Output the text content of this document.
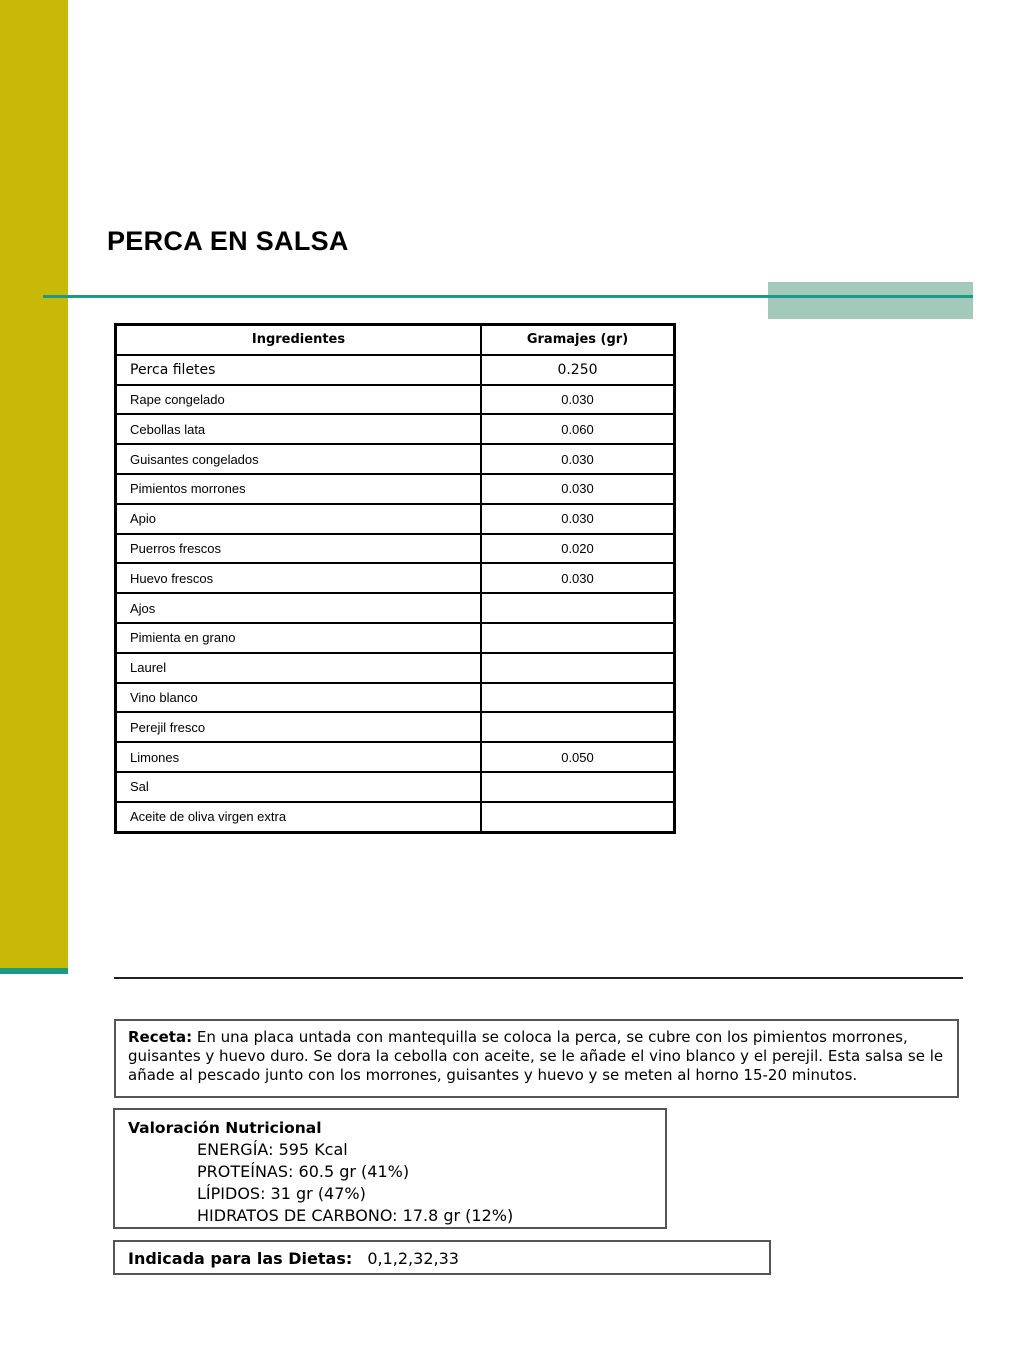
PERCA EN SALSA
Ingredientes	Gramajes (gr)
Perca filetes	0.250
Rape congelado	0.030
Cebollas lata	0.060
Guisantes congelados	0.030
Pimientos morrones	0.030
Apio	0.030
Puerros frescos	0.020
Huevo frescos	0.030
Ajos	
Pimienta en grano	
Laurel	
Vino blanco	
Perejil fresco	
Limones	0.050
Sal	
Aceite de oliva virgen extra	
Receta: En una placa untada con mantequilla se coloca la perca, se cubre con los pimientos morrones, guisantes y huevo duro. Se dora la cebolla con aceite, se le añade el vino blanco y el perejil. Esta salsa se le añade al pescado junto con los morrones, guisantes y huevo y se meten al horno 15-20 minutos.
Valoración Nutricional
ENERGÍA: 595 Kcal
PROTEÍNAS: 60.5 gr (41%)
LÍPIDOS: 31 gr (47%)
HIDRATOS DE CARBONO: 17.8 gr (12%)
Indicada para las Dietas: 0,1,2,32,33
